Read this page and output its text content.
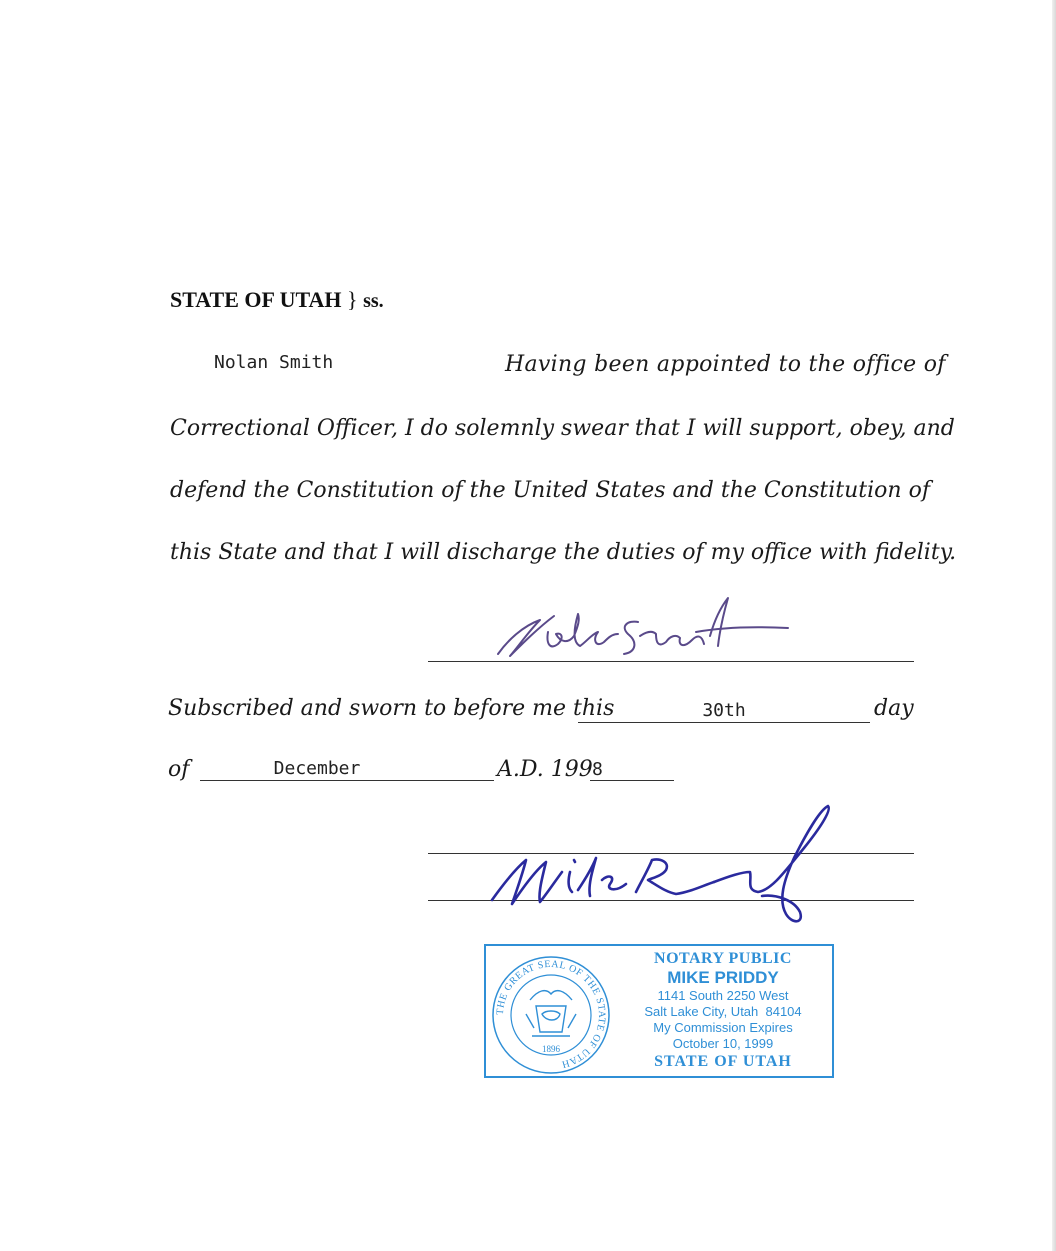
STATE OF UTAH } ss.
Nolan Smith	Having been appointed to the office of
Correctional Officer, I do solemnly swear that I will support, obey, and
defend the Constitution of the United States and the Constitution of
this State and that I will discharge the duties of my office with fidelity.
Subscribed and sworn to before me this	30th	day
of	December	A.D. 199 8
THE GREAT SEAL OF THE STATE OF UTAH
1896
NOTARY PUBLIC
MIKE PRIDDY
1141 South 2250 West
Salt Lake City, Utah  84104
My Commission Expires
October 10, 1999
STATE OF UTAH
